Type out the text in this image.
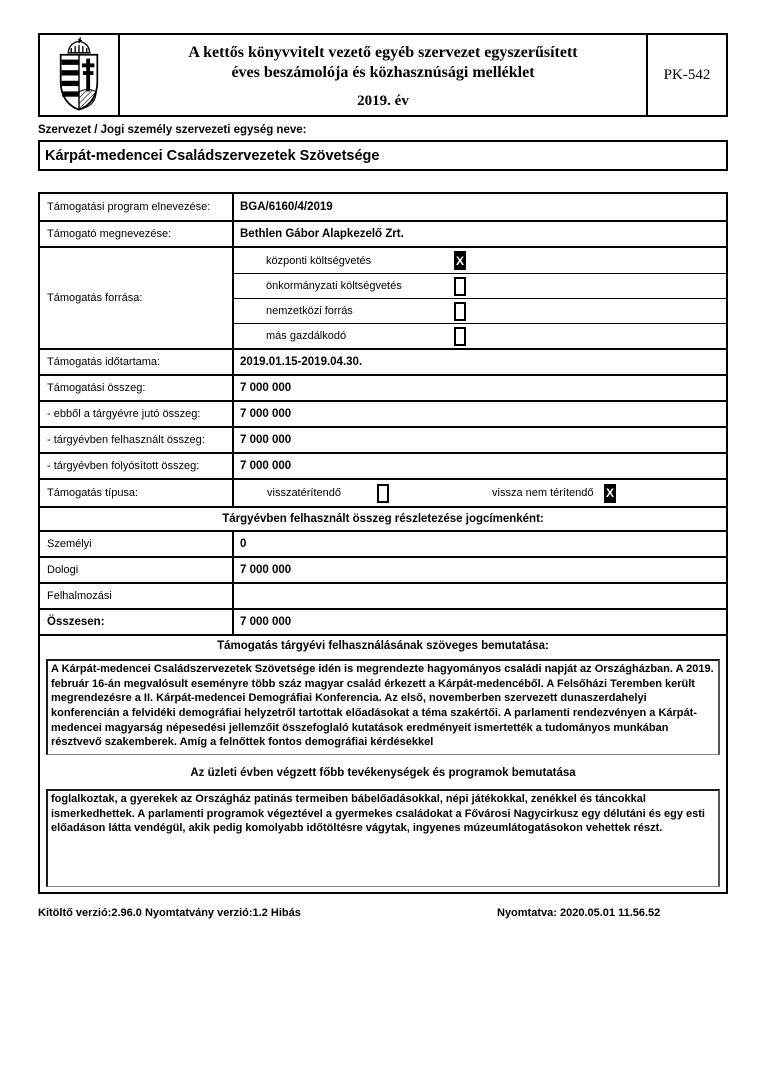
A kettős könyvvitelt vezető egyéb szervezet egyszerűsített
éves beszámolója és közhasznúsági melléklet
2019. év
PK-542
Szervezet / Jogi személy szervezeti egység neve:
Kárpát-medencei Családszervezetek Szövetsége
Támogatási program elnevezése:	BGA/6160/4/2019
Támogató megnevezése:	Bethlen Gábor Alapkezelő Zrt.
Támogatás forrása:
központi költségvetés	X
önkormányzati költségvetés
nemzetközi forrás
más gazdálkodó
Támogatás időtartama:	2019.01.15-2019.04.30.
Támogatási összeg:	7 000 000
- ebből a tárgyévre jutó összeg:	7 000 000
- tárgyévben felhasznált összeg:	7 000 000
- tárgyévben folyósított összeg:	7 000 000
Támogatás típusa:	visszatérítendő	vissza nem térítendő	X
Tárgyévben felhasznált összeg részletezése jogcímenként:
Személyi	0
Dologi	7 000 000
Felhalmozási
Összesen:	7 000 000
Támogatás tárgyévi felhasználásának szöveges bemutatása:
A Kárpát-medencei Családszervezetek Szövetsége idén is megrendezte hagyományos családi napját az Országházban. A 2019. február 16-án megvalósult eseményre több száz magyar család érkezett a Kárpát-medencéből. A Felsőházi Teremben került megrendezésre a II. Kárpát-medencei Demográfiai Konferencia. Az első, novemberben szervezett dunaszerdahelyi konferencián a felvidéki demográfiai helyzetről tartottak előadásokat a téma szakértői. A parlamenti rendezvényen a Kárpát-medencei magyarság népesedési jellemzőit összefoglaló kutatások eredményeit ismertették a tudományos munkában résztvevő szakemberek. Amíg a felnőttek fontos demográfiai kérdésekkel
Az üzleti évben végzett főbb tevékenységek és programok bemutatása
foglalkoztak, a gyerekek az Országház patinás termeiben bábelőadásokkal, népi játékokkal, zenékkel és táncokkal ismerkedhettek. A parlamenti programok végeztével a gyermekes családokat a Fővárosi Nagycirkusz egy délutáni és egy esti előadáson látta vendégül, akik pedig komolyabb időtöltésre vágytak, ingyenes múzeumlátogatásokon vehettek részt.
Kitöltő verzió:2.96.0 Nyomtatvány verzió:1.2 Hibás	Nyomtatva: 2020.05.01 11.56.52
